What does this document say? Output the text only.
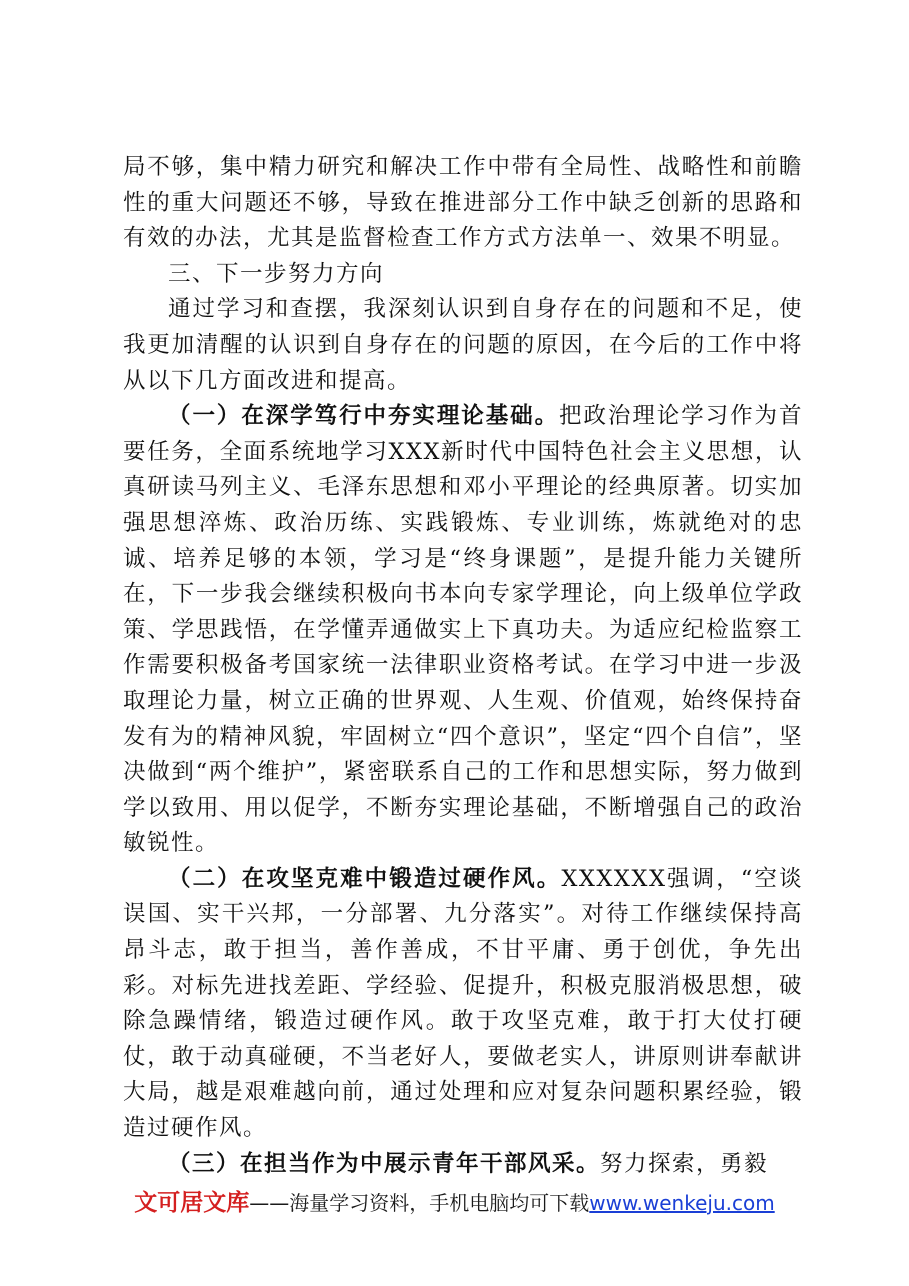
局不够，集中精力研究和解决工作中带有全局性、战略性和前瞻性的重大问题还不够，导致在推进部分工作中缺乏创新的思路和有效的办法，尤其是监督检查工作方式方法单一、效果不明显。

三、下一步努力方向

通过学习和查摆，我深刻认识到自身存在的问题和不足，使我更加清醒的认识到自身存在的问题的原因，在今后的工作中将从以下几方面改进和提高。

（一）在深学笃行中夯实理论基础。把政治理论学习作为首要任务，全面系统地学习XXX新时代中国特色社会主义思想，认真研读马列主义、毛泽东思想和邓小平理论的经典原著。切实加强思想淬炼、政治历练、实践锻炼、专业训练，炼就绝对的忠诚、培养足够的本领，学习是“终身课题”，是提升能力关键所在，下一步我会继续积极向书本向专家学理论，向上级单位学政策、学思践悟，在学懂弄通做实上下真功夫。为适应纪检监察工作需要积极备考国家统一法律职业资格考试。在学习中进一步汲取理论力量，树立正确的世界观、人生观、价值观，始终保持奋发有为的精神风貌，牢固树立“四个意识”，坚定“四个自信”，坚决做到“两个维护”，紧密联系自己的工作和思想实际，努力做到学以致用、用以促学，不断夯实理论基础，不断增强自己的政治敏锐性。

（二）在攻坚克难中锻造过硬作风。XXXXXX强调，“空谈误国、实干兴邦，一分部署、九分落实”。对待工作继续保持高昂斗志，敢于担当，善作善成，不甘平庸、勇于创优，争先出彩。对标先进找差距、学经验、促提升，积极克服消极思想，破除急躁情绪，锻造过硬作风。敢于攻坚克难，敢于打大仗打硬仗，敢于动真碰硬，不当老好人，要做老实人，讲原则讲奉献讲大局，越是艰难越向前，通过处理和应对复杂问题积累经验，锻造过硬作风。

（三）在担当作为中展示青年干部风采。努力探索，勇毅

文可居文库——海量学习资料，手机电脑均可下载www.wenkeju.com
